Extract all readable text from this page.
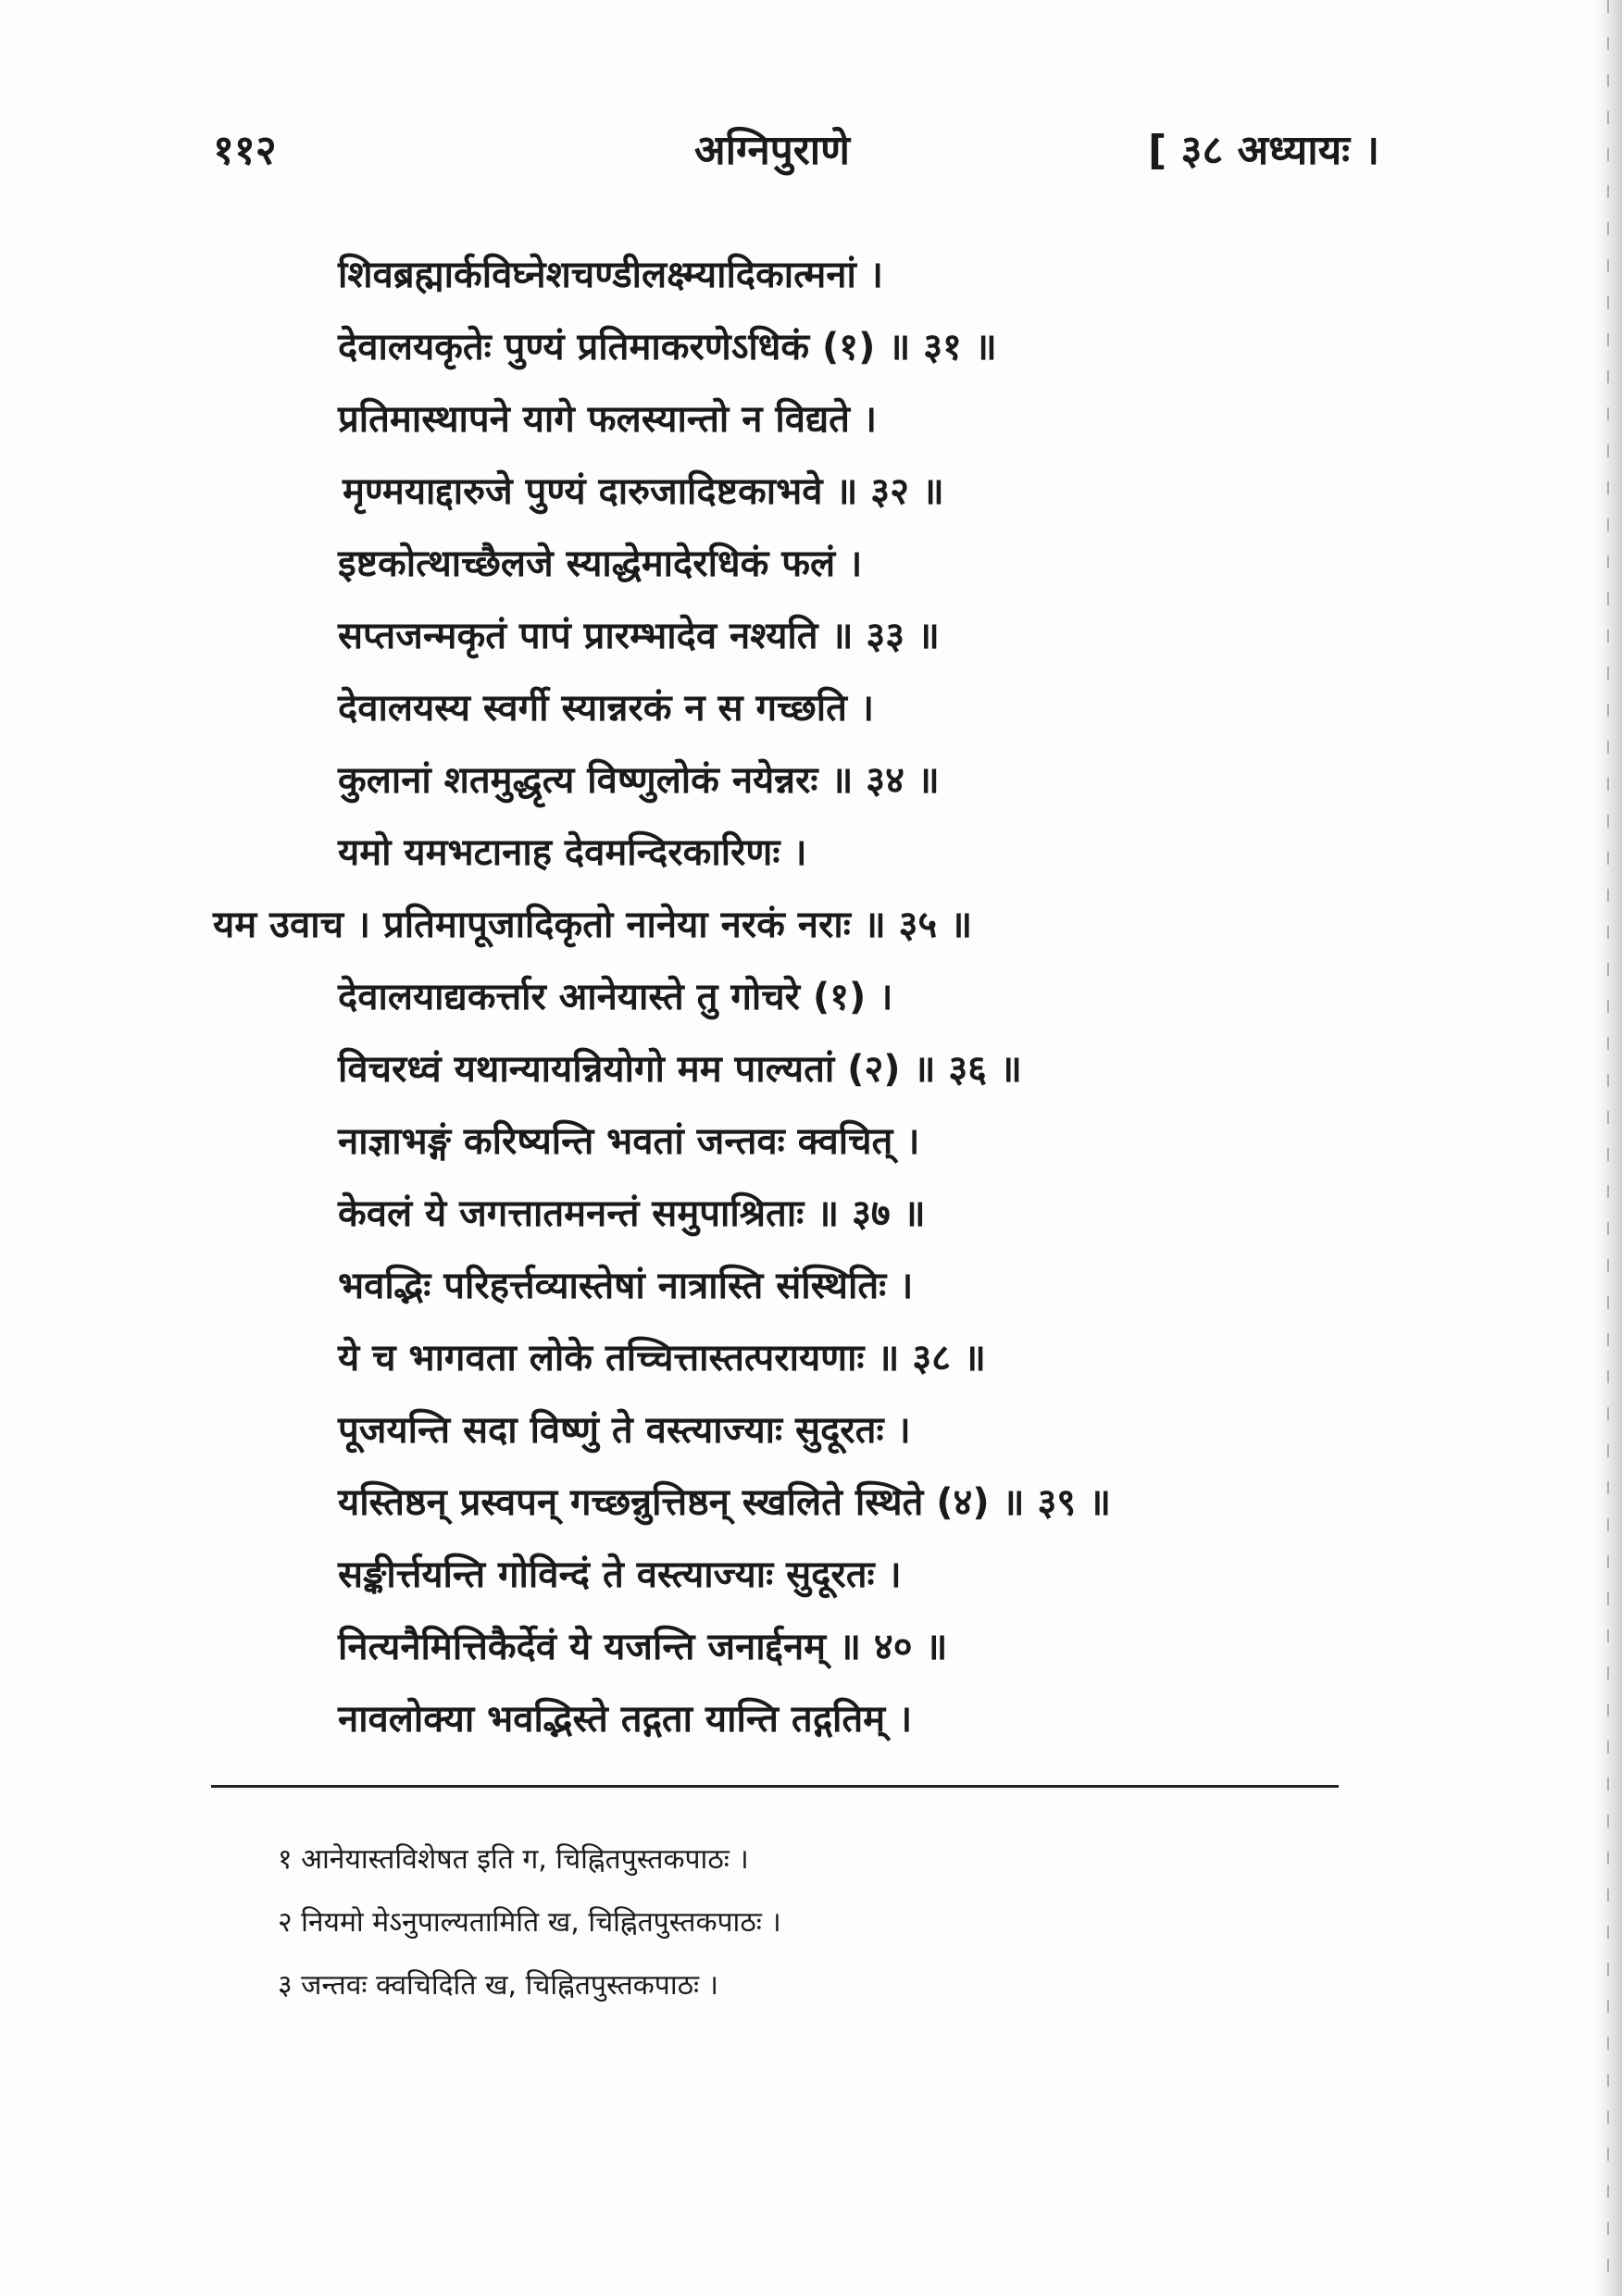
११२	अग्निपुराणे	[ ३८ अध्यायः ।
शिवब्रह्मार्कविघ्नेशचण्डीलक्ष्म्यादिकात्मनां ।
देवालयकृतेः पुण्यं प्रतिमाकरणेऽधिकं (१) ॥ ३१ ॥
प्रतिमास्थापने यागे फलस्यान्तो न विद्यते ।
मृण्मयाद्दारुजे पुण्यं दारुजादिष्टकाभवे ॥ ३२ ॥
इष्टकोत्थाच्छैलजे स्याद्धेमादेरधिकं फलं ।
सप्तजन्मकृतं पापं प्रारम्भादेव नश्यति ॥ ३३ ॥
देवालयस्य स्वर्गी स्यान्नरकं न स गच्छति ।
कुलानां शतमुद्धृत्य विष्णुलोकं नयेन्नरः ॥ ३४ ॥
यमो यमभटानाह देवमन्दिरकारिणः ।
यम उवाच । प्रतिमापूजादिकृतो नानेया नरकं नराः ॥ ३५ ॥
देवालयाद्यकर्त्तार आनेयास्ते तु गोचरे (१) ।
विचरध्वं यथान्यायन्नियोगो मम पाल्यतां (२) ॥ ३६ ॥
नाज्ञाभङ्गं करिष्यन्ति भवतां जन्तवः क्वचित् ।
केवलं ये जगत्तातमनन्तं समुपाश्रिताः ॥ ३७ ॥
भवद्भिः परिहर्त्तव्यास्तेषां नात्रास्ति संस्थितिः ।
ये च भागवता लोके तच्चित्तास्तत्परायणाः ॥ ३८ ॥
पूजयन्ति सदा विष्णुं ते वस्त्याज्याः सुदूरतः ।
यस्तिष्ठन् प्रस्वपन् गच्छन्नुत्तिष्ठन् स्खलिते स्थिते (४) ॥ ३९ ॥
सङ्कीर्त्तयन्ति गोविन्दं ते वस्त्याज्याः सुदूरतः ।
नित्यनैमित्तिकैर्देवं ये यजन्ति जनार्द्दनम् ॥ ४० ॥
नावलोक्या भवद्भिस्ते तद्गता यान्ति तद्गतिम् ।
१ आनेयास्तविशेषत इति ग, चिह्नितपुस्तकपाठः ।
२ नियमो मेऽनुपाल्यतामिति ख, चिह्नितपुस्तकपाठः ।
३ जन्तवः क्वचिदिति ख, चिह्नितपुस्तकपाठः ।
